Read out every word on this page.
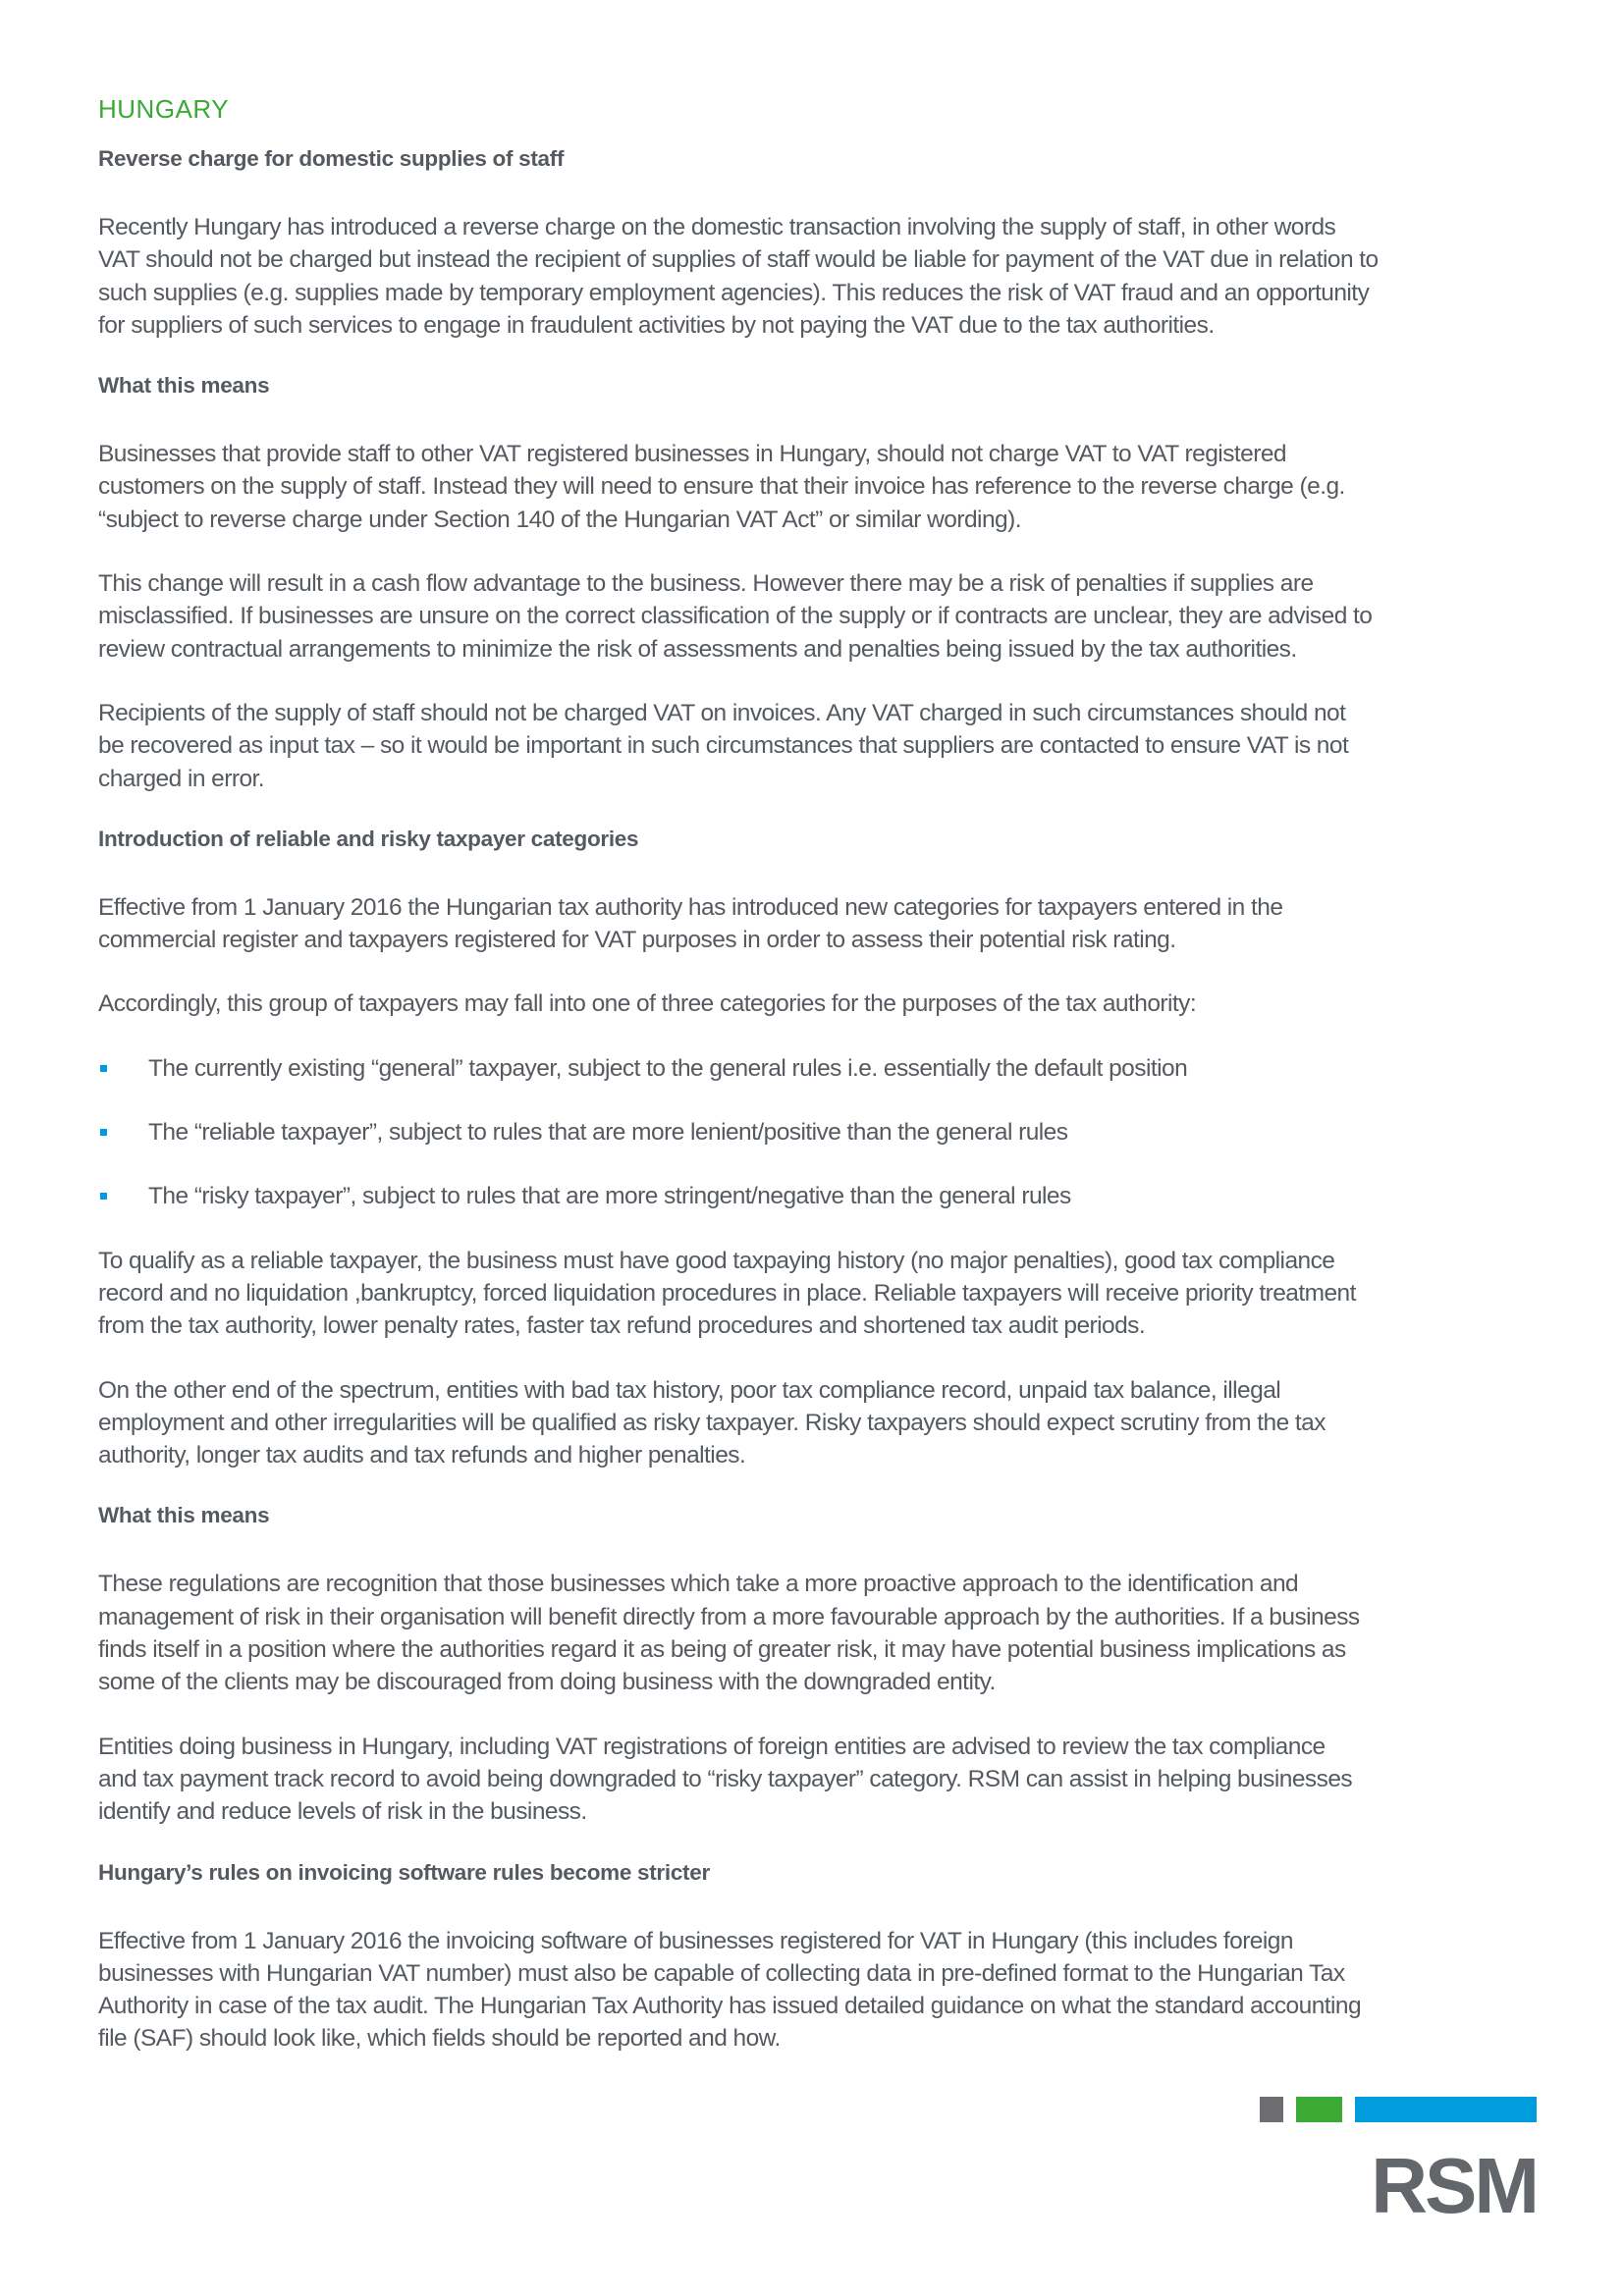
HUNGARY
Reverse charge for domestic supplies of staff
Recently Hungary has introduced a reverse charge on the domestic transaction involving the supply of staff, in other words
VAT should not be charged but instead the recipient of supplies of staff would be liable for payment of the VAT due in relation to
such supplies (e.g. supplies made by temporary employment agencies). This reduces the risk of VAT fraud and an opportunity
for suppliers of such services to engage in fraudulent activities by not paying the VAT due to the tax authorities.
What this means
Businesses that provide staff to other VAT registered businesses in Hungary, should not charge VAT to VAT registered
customers on the supply of staff. Instead they will need to ensure that their invoice has reference to the reverse charge (e.g.
“subject to reverse charge under Section 140 of the Hungarian VAT Act” or similar wording).
This change will result in a cash flow advantage to the business. However there may be a risk of penalties if supplies are
misclassified. If businesses are unsure on the correct classification of the supply or if contracts are unclear, they are advised to
review contractual arrangements to minimize the risk of assessments and penalties being issued by the tax authorities.
Recipients of the supply of staff should not be charged VAT on invoices. Any VAT charged in such circumstances should not
be recovered as input tax – so it would be important in such circumstances that suppliers are contacted to ensure VAT is not
charged in error.
Introduction of reliable and risky taxpayer categories
Effective from 1 January 2016 the Hungarian tax authority has introduced new categories for taxpayers entered in the
commercial register and taxpayers registered for VAT purposes in order to assess their potential risk rating.
Accordingly, this group of taxpayers may fall into one of three categories for the purposes of the tax authority:
The currently existing “general” taxpayer, subject to the general rules i.e. essentially the default position
The “reliable taxpayer”, subject to rules that are more lenient/positive than the general rules
The “risky taxpayer”, subject to rules that are more stringent/negative than the general rules
To qualify as a reliable taxpayer, the business must have good taxpaying history (no major penalties), good tax compliance
record and no liquidation ,bankruptcy, forced liquidation procedures in place. Reliable taxpayers will receive priority treatment
from the tax authority, lower penalty rates, faster tax refund procedures and shortened tax audit periods.
On the other end of the spectrum, entities with bad tax history, poor tax compliance record, unpaid tax balance, illegal
employment and other irregularities will be qualified as risky taxpayer. Risky taxpayers should expect scrutiny from the tax
authority, longer tax audits and tax refunds and higher penalties.
What this means
These regulations are recognition that those businesses which take a more proactive approach to the identification and
management of risk in their organisation will benefit directly from a more favourable approach by the authorities. If a business
finds itself in a position where the authorities regard it as being of greater risk, it may have potential business implications as
some of the clients may be discouraged from doing business with the downgraded entity.
Entities doing business in Hungary, including VAT registrations of foreign entities are advised to review the tax compliance
and tax payment track record to avoid being downgraded to “risky taxpayer” category. RSM can assist in helping businesses
identify and reduce levels of risk in the business.
Hungary’s rules on invoicing software rules become stricter
Effective from 1 January 2016 the invoicing software of businesses registered for VAT in Hungary (this includes foreign
businesses with Hungarian VAT number) must also be capable of collecting data in pre-defined format to the Hungarian Tax
Authority in case of the tax audit. The Hungarian Tax Authority has issued detailed guidance on what the standard accounting
file (SAF) should look like, which fields should be reported and how.
RSM
